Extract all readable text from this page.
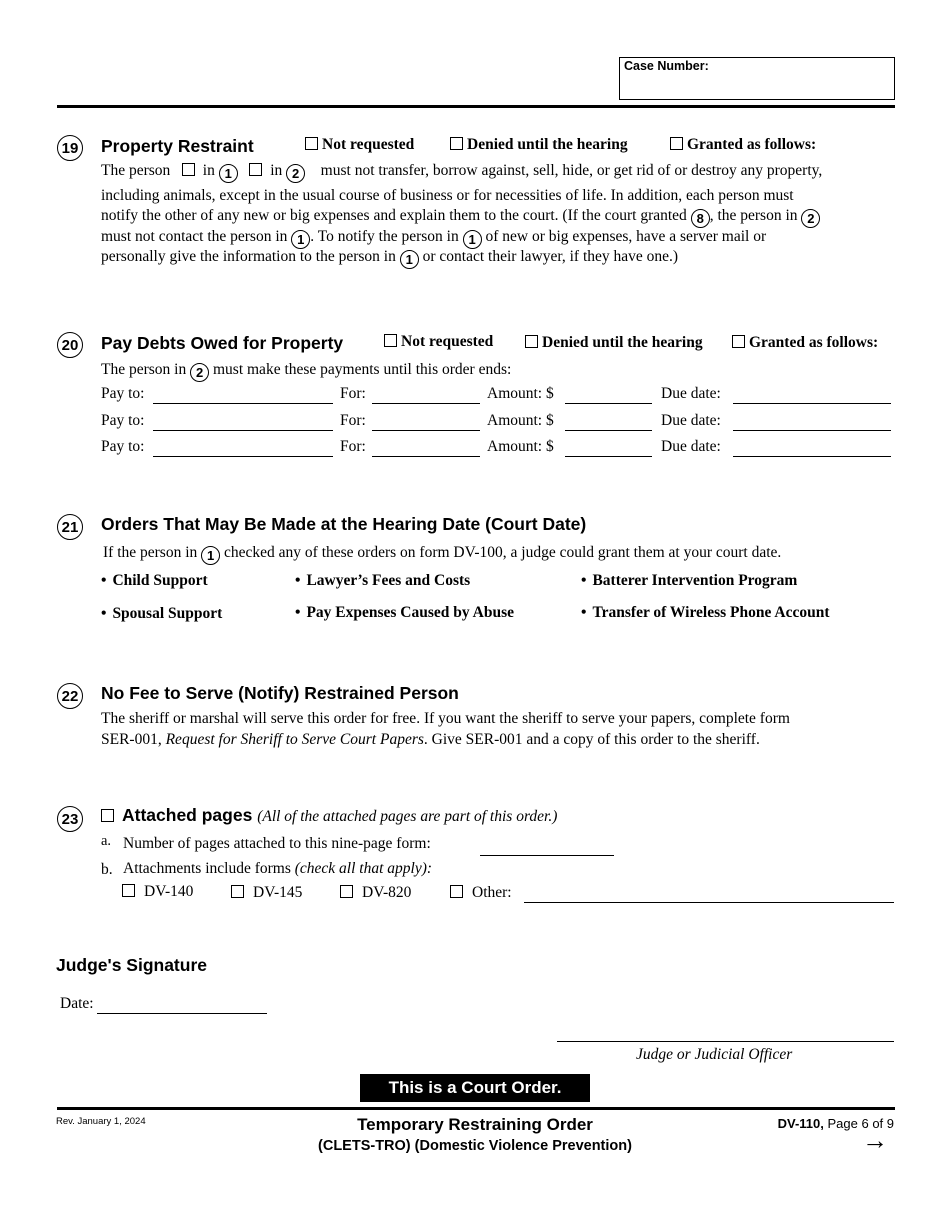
Case Number:
19 Property Restraint	Not requested	Denied until the hearing	Granted as follows:
The person in 1 in 2 must not transfer, borrow against, sell, hide, or get rid of or destroy any property,
including animals, except in the usual course of business or for necessities of life. In addition, each person must
notify the other of any new or big expenses and explain them to the court. (If the court granted 8 , the person in 2
must not contact the person in 1 . To notify the person in 1 of new or big expenses, have a server mail or
personally give the information to the person in 1 or contact their lawyer, if they have one.)
20 Pay Debts Owed for Property	Not requested	Denied until the hearing	Granted as follows:
The person in 2 must make these payments until this order ends:
Pay to:	For:	Amount: $	Due date:
Pay to:	For:	Amount: $	Due date:
Pay to:	For:	Amount: $	Due date:
21 Orders That May Be Made at the Hearing Date (Court Date)
If the person in 1 checked any of these orders on form DV-100, a judge could grant them at your court date.
• Child Support	• Lawyer’s Fees and Costs	• Batterer Intervention Program
• Spousal Support	• Pay Expenses Caused by Abuse	• Transfer of Wireless Phone Account
22 No Fee to Serve (Notify) Restrained Person
The sheriff or marshal will serve this order for free. If you want the sheriff to serve your papers, complete form
SER-001, Request for Sheriff to Serve Court Papers. Give SER-001 and a copy of this order to the sheriff.
23	Attached pages (All of the attached pages are part of this order.)
a. Number of pages attached to this nine-page form:
b. Attachments include forms (check all that apply):
DV-140	DV-145	DV-820	Other:
Judge's Signature
Date:
Judge or Judicial Officer
This is a Court Order.
Rev. January 1, 2024	Temporary Restraining Order
(CLETS-TRO) (Domestic Violence Prevention)
DV-110, Page 6 of 9
→
